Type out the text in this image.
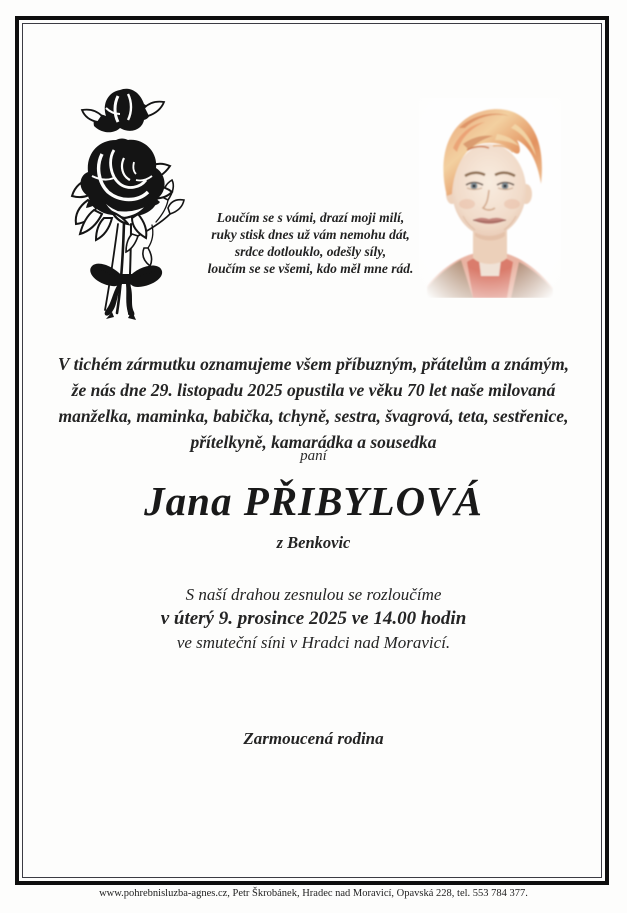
Loučím se s vámi, drazí moji milí,
ruky stisk dnes už vám nemohu dát,
srdce dotlouklo, odešly síly,
loučím se se všemi, kdo měl mne rád.
V tichém zármutku oznamujeme všem příbuzným, přátelům a známým,
že nás dne 29. listopadu 2025 opustila ve věku 70 let naše milovaná
manželka, maminka, babička, tchyně, sestra, švagrová, teta, sestřenice,
přítelkyně, kamarádka a sousedka
paní
Jana PŘIBYLOVÁ
z Benkovic
S naší drahou zesnulou se rozloučíme
v úterý 9. prosince 2025 ve 14.00 hodin
ve smuteční síni v Hradci nad Moravicí.
Zarmoucená rodina
www.pohrebnisluzba-agnes.cz, Petr Škrobánek, Hradec nad Moravicí, Opavská 228, tel. 553 784 377.
